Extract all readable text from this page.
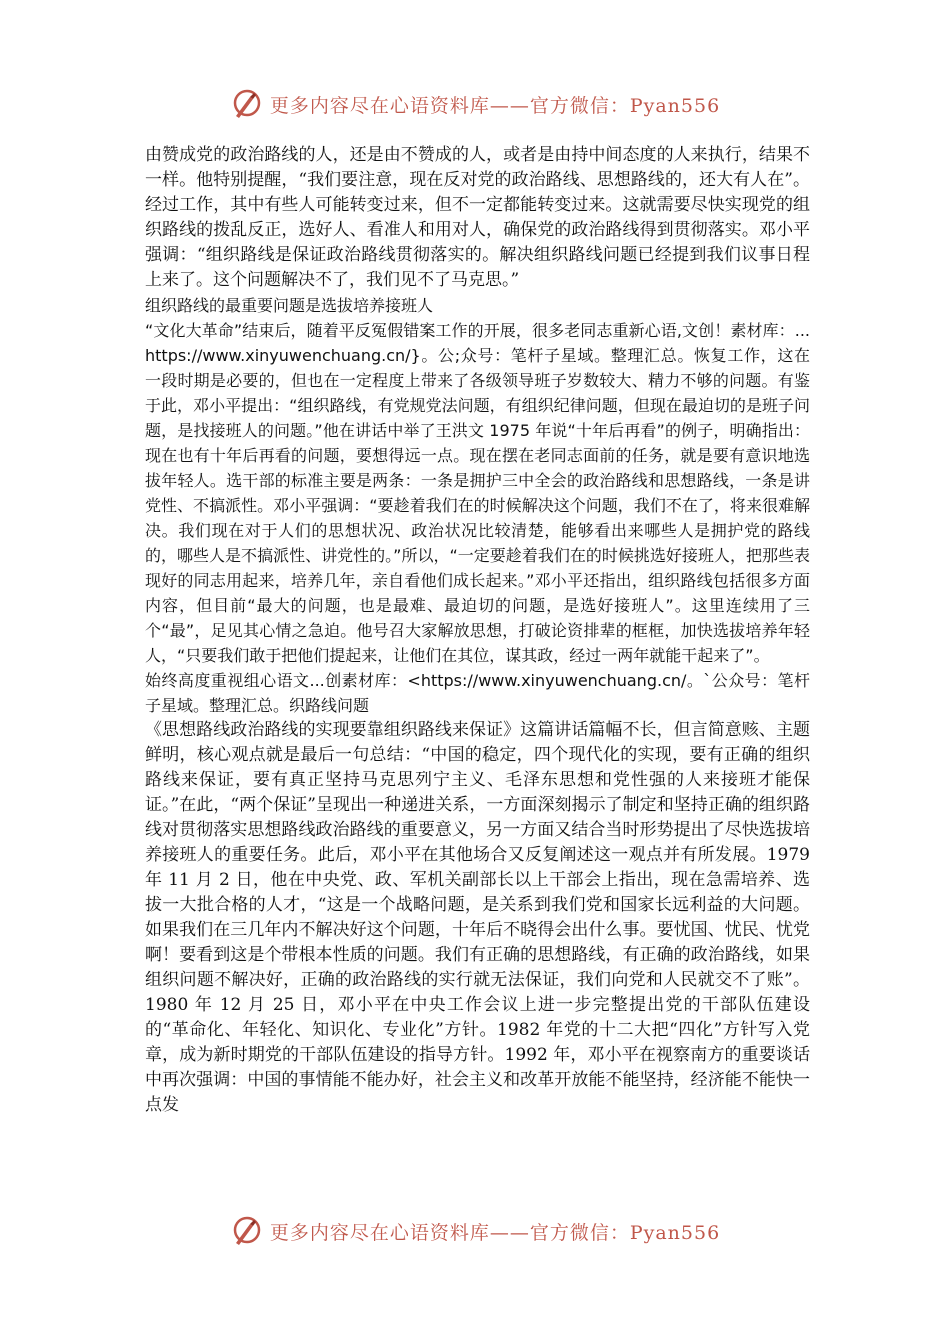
更多内容尽在心语资料库——官方微信：Pyan556

由赞成党的政治路线的人，还是由不赞成的人，或者是由持中间态度的人来执行，结果不一样。他特别提醒，“我们要注意，现在反对党的政治路线、思想路线的，还大有人在”。经过工作，其中有些人可能转变过来，但不一定都能转变过来。这就需要尽快实现党的组织路线的拨乱反正，选好人、看准人和用对人，确保党的政治路线得到贯彻落实。邓小平强调：“组织路线是保证政治路线贯彻落实的。解决组织路线问题已经提到我们议事日程上来了。这个问题解决不了，我们见不了马克思。”

组织路线的最重要问题是选拔培养接班人

“文化大革命”结束后，随着平反冤假错案工作的开展，很多老同志重新心语,文创！素材库：...https://www.xinyuwenchuang.cn/}。公;众号：笔杆子星域。整理汇总。恢复工作，这在一段时期是必要的，但也在一定程度上带来了各级领导班子岁数较大、精力不够的问题。有鉴于此，邓小平提出：“组织路线，有党规党法问题，有组织纪律问题，但现在最迫切的是班子问题，是找接班人的问题。”他在讲话中举了王洪文 1975 年说“十年后再看”的例子，明确指出：现在也有十年后再看的问题，要想得远一点。现在摆在老同志面前的任务，就是要有意识地选拔年轻人。选干部的标准主要是两条：一条是拥护三中全会的政治路线和思想路线，一条是讲党性、不搞派性。邓小平强调：“要趁着我们在的时候解决这个问题，我们不在了，将来很难解决。我们现在对于人们的思想状况、政治状况比较清楚，能够看出来哪些人是拥护党的路线的，哪些人是不搞派性、讲党性的。”所以，“一定要趁着我们在的时候挑选好接班人，把那些表现好的同志用起来，培养几年，亲自看他们成长起来。”邓小平还指出，组织路线包括很多方面内容，但目前“最大的问题，也是最难、最迫切的问题，是选好接班人”。这里连续用了三个“最”，足见其心情之急迫。他号召大家解放思想，打破论资排辈的框框，加快选拔培养年轻人，“只要我们敢于把他们提起来，让他们在其位，谋其政，经过一两年就能干起来了”。

始终高度重视组心语文...创素材库：<https://www.xinyuwenchuang.cn/。`公众号：笔杆子星域。整理汇总。织路线问题

《思想路线政治路线的实现要靠组织路线来保证》这篇讲话篇幅不长，但言简意赅、主题鲜明，核心观点就是最后一句总结：“中国的稳定，四个现代化的实现，要有正确的组织路线来保证，要有真正坚持马克思列宁主义、毛泽东思想和党性强的人来接班才能保证。”在此，“两个保证”呈现出一种递进关系，一方面深刻揭示了制定和坚持正确的组织路线对贯彻落实思想路线政治路线的重要意义，另一方面又结合当时形势提出了尽快选拔培养接班人的重要任务。此后，邓小平在其他场合又反复阐述这一观点并有所发展。1979 年 11 月 2 日，他在中央党、政、军机关副部长以上干部会上指出，现在急需培养、选拔一大批合格的人才，“这是一个战略问题，是关系到我们党和国家长远利益的大问题。如果我们在三几年内不解决好这个问题，十年后不晓得会出什么事。要忧国、忧民、忧党啊！要看到这是个带根本性质的问题。我们有正确的思想路线，有正确的政治路线，如果组织问题不解决好，正确的政治路线的实行就无法保证，我们向党和人民就交不了账”。1980 年 12 月 25 日，邓小平在中央工作会议上进一步完整提出党的干部队伍建设的“革命化、年轻化、知识化、专业化”方针。1982 年党的十二大把“四化”方针写入党章，成为新时期党的干部队伍建设的指导方针。1992 年，邓小平在视察南方的重要谈话中再次强调：中国的事情能不能办好，社会主义和改革开放能不能坚持，经济能不能快一点发

更多内容尽在心语资料库——官方微信：Pyan556
